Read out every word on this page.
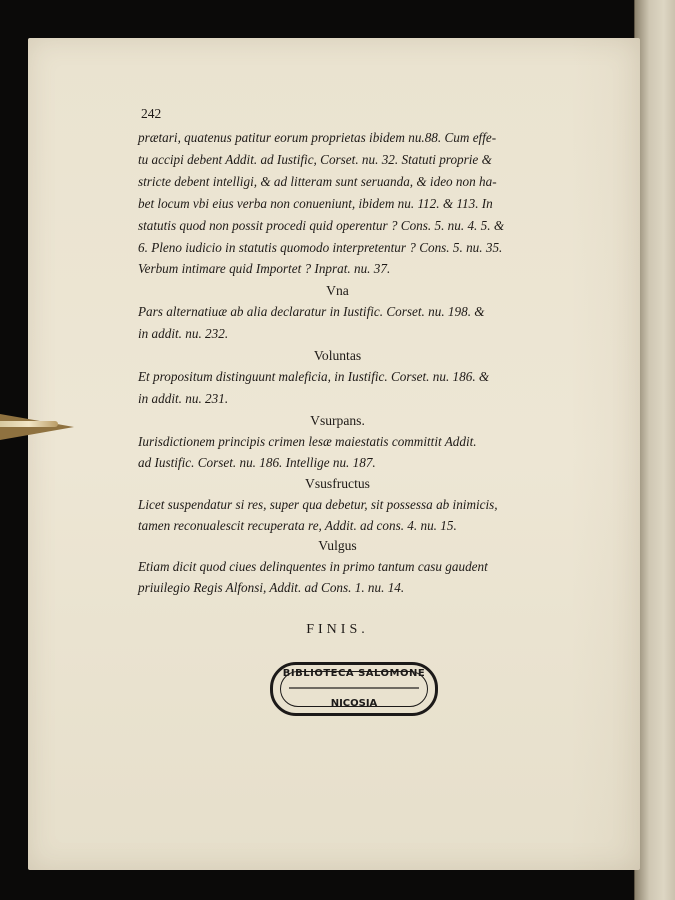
242
prætari, quatenus patitur eorum proprietas ibidem nu.88. Cum effe-
tu accipi debent Addit. ad Iustific, Corset. nu. 32. Statuti proprie &
stricte debent intelligi, & ad litteram sunt seruanda, & ideo non ha-
bet locum vbi eius verba non conueniunt, ibidem nu. 112. & 113. In
statutis quod non possit procedi quid operentur ? Cons. 5. nu. 4. 5. &
6. Pleno iudicio in statutis quomodo interpretentur ? Cons. 5. nu. 35.
Verbum intimare quid Importet ? Inprat. nu. 37.
Vna
Pars alternatiuæ ab alia declaratur in Iustific. Corset. nu. 198. &
in addit. nu. 232.
Voluntas
Et propositum distinguunt maleficia, in Iustific. Corset. nu. 186. &
in addit. nu. 231.
Vsurpans.
Iurisdictionem principis crimen lesæ maiestatis committit Addit.
ad Iustific. Corset. nu. 186. Intellige nu. 187.
Vsusfructus
Licet suspendatur si res, super qua debetur, sit possessa ab inimicis,
tamen reconualescit recuperata re, Addit. ad cons. 4. nu. 15.
Vulgus
Etiam dicit quod ciues delinquentes in primo tantum casu gaudent
priuilegio Regis Alfonsi, Addit. ad Cons. 1. nu. 14.
FINIS.
BIBLIOTECA SALOMONE
NICOSIA
